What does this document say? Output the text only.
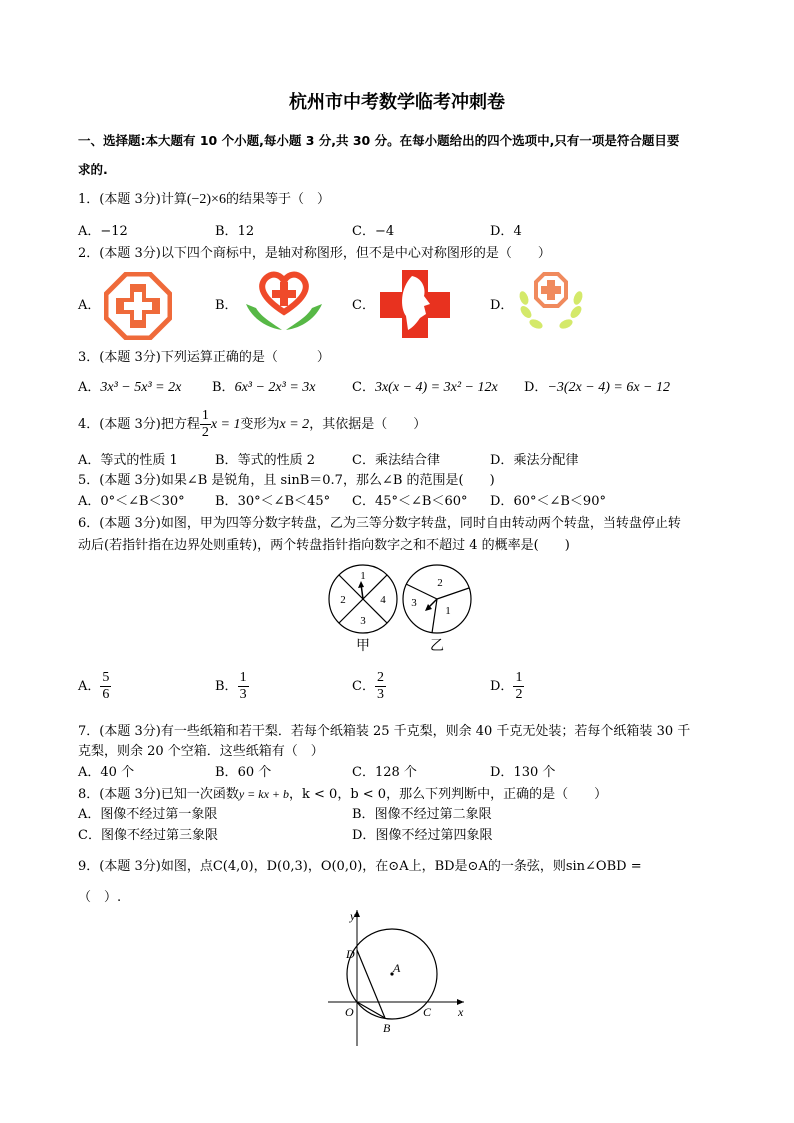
杭州市中考数学临考冲刺卷
一、选择题:本大题有 10 个小题,每小题 3 分,共 30 分。在每小题给出的四个选项中,只有一项是符合题目要
求的.
1．(本题 3分)计算(−2)×6的结果等于（　）
A．−12	B．12	C．−4	D．4
2．(本题 3分)以下四个商标中，是轴对称图形，但不是中心对称图形的是（　　）
A．	B．	C．	D．
3．(本题 3分)下列运算正确的是（　　　）
A．3x³ − 5x³ = 2x B．6x³ − 2x³ = 3x	C．3x(x − 4) = 3x² − 12x D．−3(2x − 4) = 6x − 12
4．(本题 3分)把方程 $\frac{1}{2}$ x = 1 变形为 x = 2 ，其依据是（　　）
A．等式的性质 1	B．等式的性质 2	C．乘法结合律	D．乘法分配律
5．(本题 3分)如果∠B 是锐角，且 sinB＝0.7，那么∠B 的范围是(　　)
A．0°＜∠B＜30° B．30°＜∠B＜45° C．45°＜∠B＜60° D．60°＜∠B＜90°
6．(本题 3分)如图，甲为四等分数字转盘，乙为三等分数字转盘，同时自由转动两个转盘，当转盘停止转
动后(若指针指在边界处则重转)，两个转盘指针指向数字之和不超过 4 的概率是(　　)
1
4
3
2
甲
2
1
3
乙
A． $\frac{5}{6}$	B． $\frac{1}{3}$	C． $\frac{2}{3}$	D． $\frac{1}{2}$
7．(本题 3分)有一些纸箱和若干梨．若每个纸箱装 25 千克梨，则余 40 千克无处装；若每个纸箱装 30 千
克梨，则余 20 个空箱．这些纸箱有（　）
A．40 个	B．60 个	C．128 个	D．130 个
8．(本题 3分)已知一次函数y = kx + b，k < 0，b < 0，那么下列判断中，正确的是（　　）
A．图像不经过第一象限	B．图像不经过第二象限
C．图像不经过第三象限	D．图像不经过第四象限
9．(本题 3分)如图，点C(4,0)，D(0,3)，O(0,0)，在⊙A上，BD是⊙A的一条弦，则sin∠OBD =
（　）.
y
x
D
A
O	C
B
